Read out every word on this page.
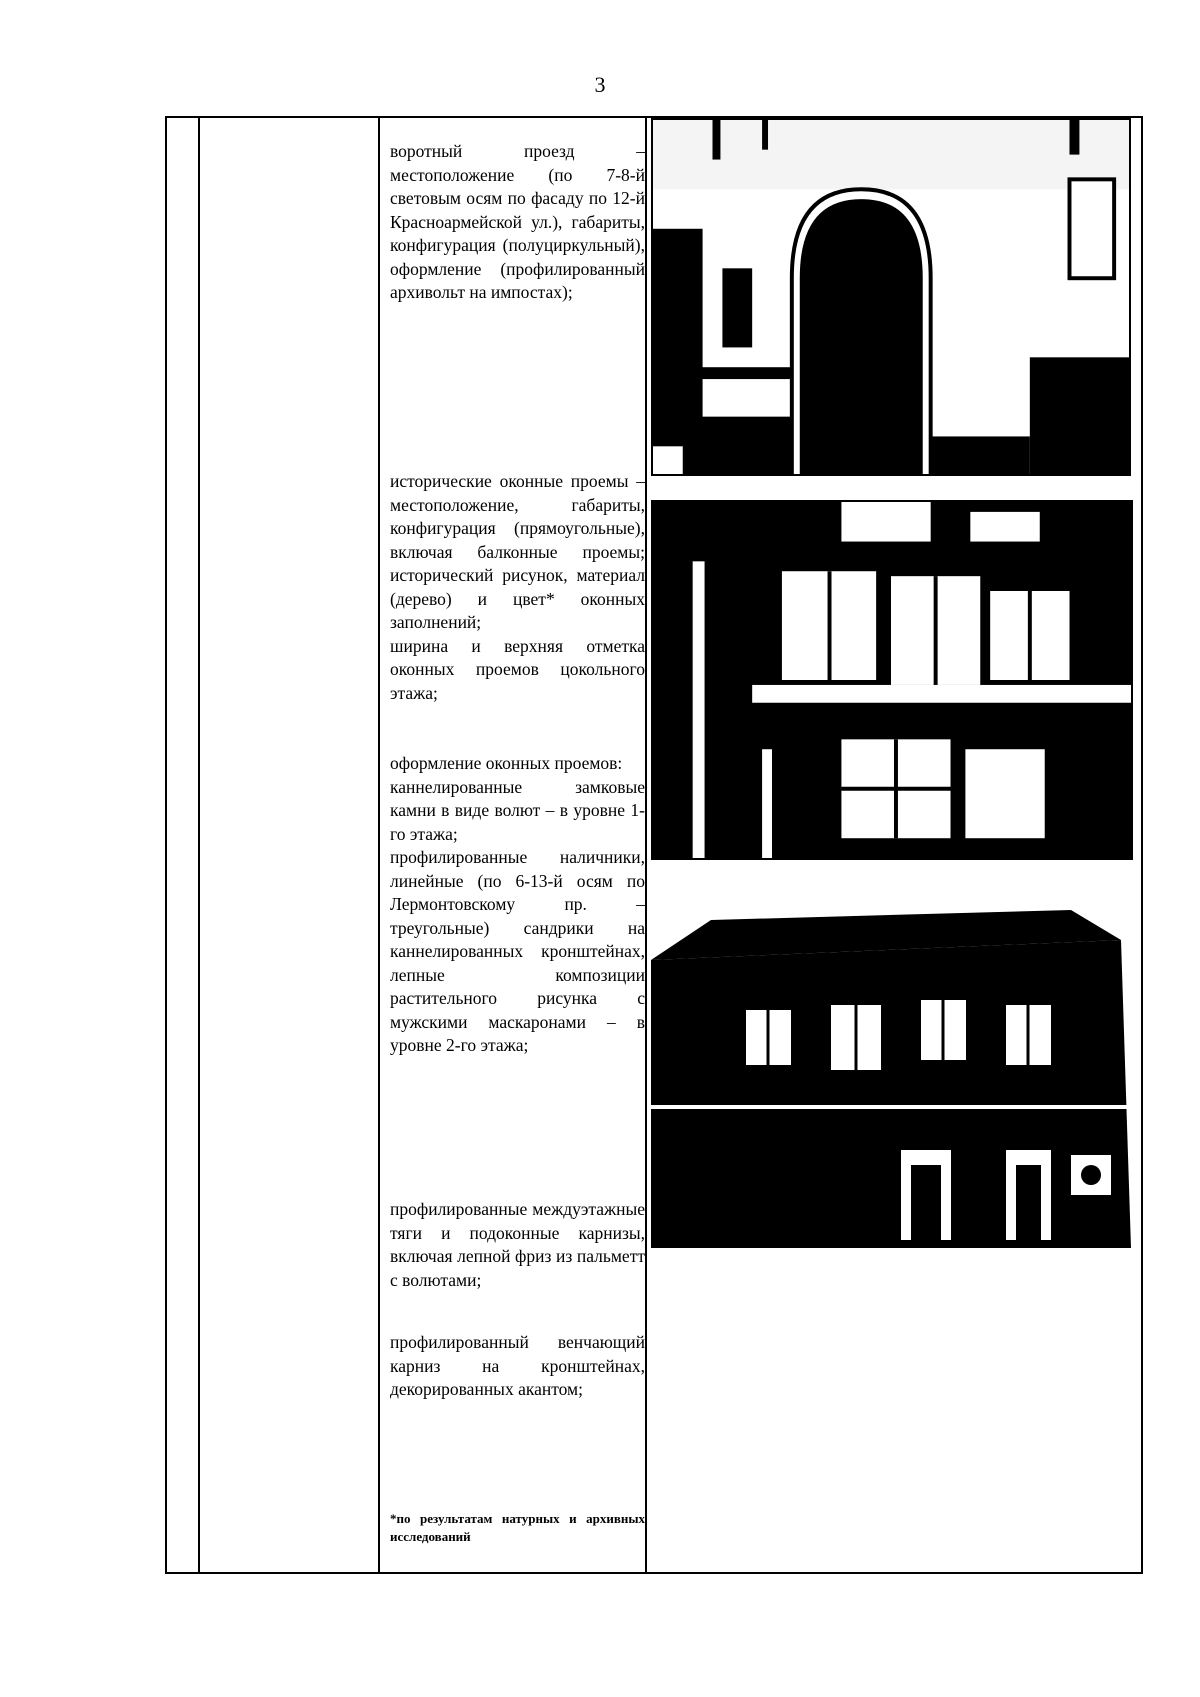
3

воротный проезд – местоположение (по 7-8-й световым осям по фасаду по 12-й Красноармейской ул.), габариты, конфигурация (полуциркульный), оформление (профилированный архивольт на импостах);

исторические оконные проемы – местоположение, габариты, конфигурация (прямоугольные), включая балконные проемы; исторический рисунок, материал (дерево) и цвет* оконных заполнений;

ширина и верхняя отметка оконных проемов цокольного этажа;

оформление оконных проемов:

каннелированные замковые камни в виде волют – в уровне 1-го этажа;

профилированные наличники, линейные (по 6-13-й осям по Лермонтовскому пр. – треугольные) сандрики на каннелированных кронштейнах, лепные композиции растительного рисунка с мужскими маскаронами – в уровне 2-го этажа;

профилированные междуэтажные тяги и подоконные карнизы, включая лепной фриз из пальметт с волютами;

профилированный венчающий карниз на кронштейнах, декорированных акантом;

*по результатам натурных и архивных исследований
